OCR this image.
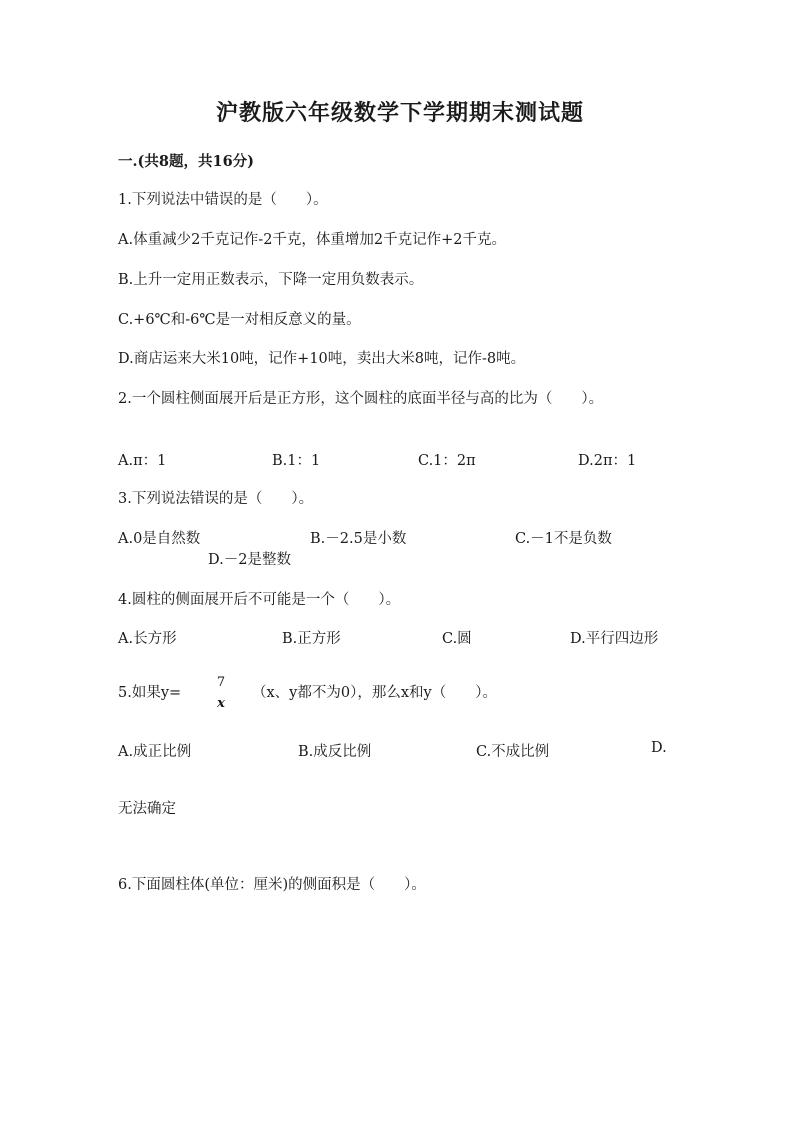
沪教版六年级数学下学期期末测试题
一.(共8题，共16分)
1.下列说法中错误的是（　　）。
A.体重减少2千克记作-2千克，体重增加2千克记作+2千克。
B.上升一定用正数表示，下降一定用负数表示。
C.+6℃和-6℃是一对相反意义的量。
D.商店运来大米10吨，记作+10吨，卖出大米8吨，记作-8吨。
2.一个圆柱侧面展开后是正方形，这个圆柱的底面半径与高的比为（　　）。
A.π：1	B.1：1	C.1：2π	D.2π：1
3.下列说法错误的是（　　）。
A.0是自然数	B.－2.5是小数	C.－1不是负数
D.－2是整数
4.圆柱的侧面展开后不可能是一个（　　）。
A.长方形	B.正方形	C.圆	D.平行四边形
5.如果y=
7
x
（x、y都不为0），那么x和y（　　）。
A.成正比例	B.成反比例	C.不成比例	D.
无法确定
6.下面圆柱体(单位：厘米)的侧面积是（　　）。
